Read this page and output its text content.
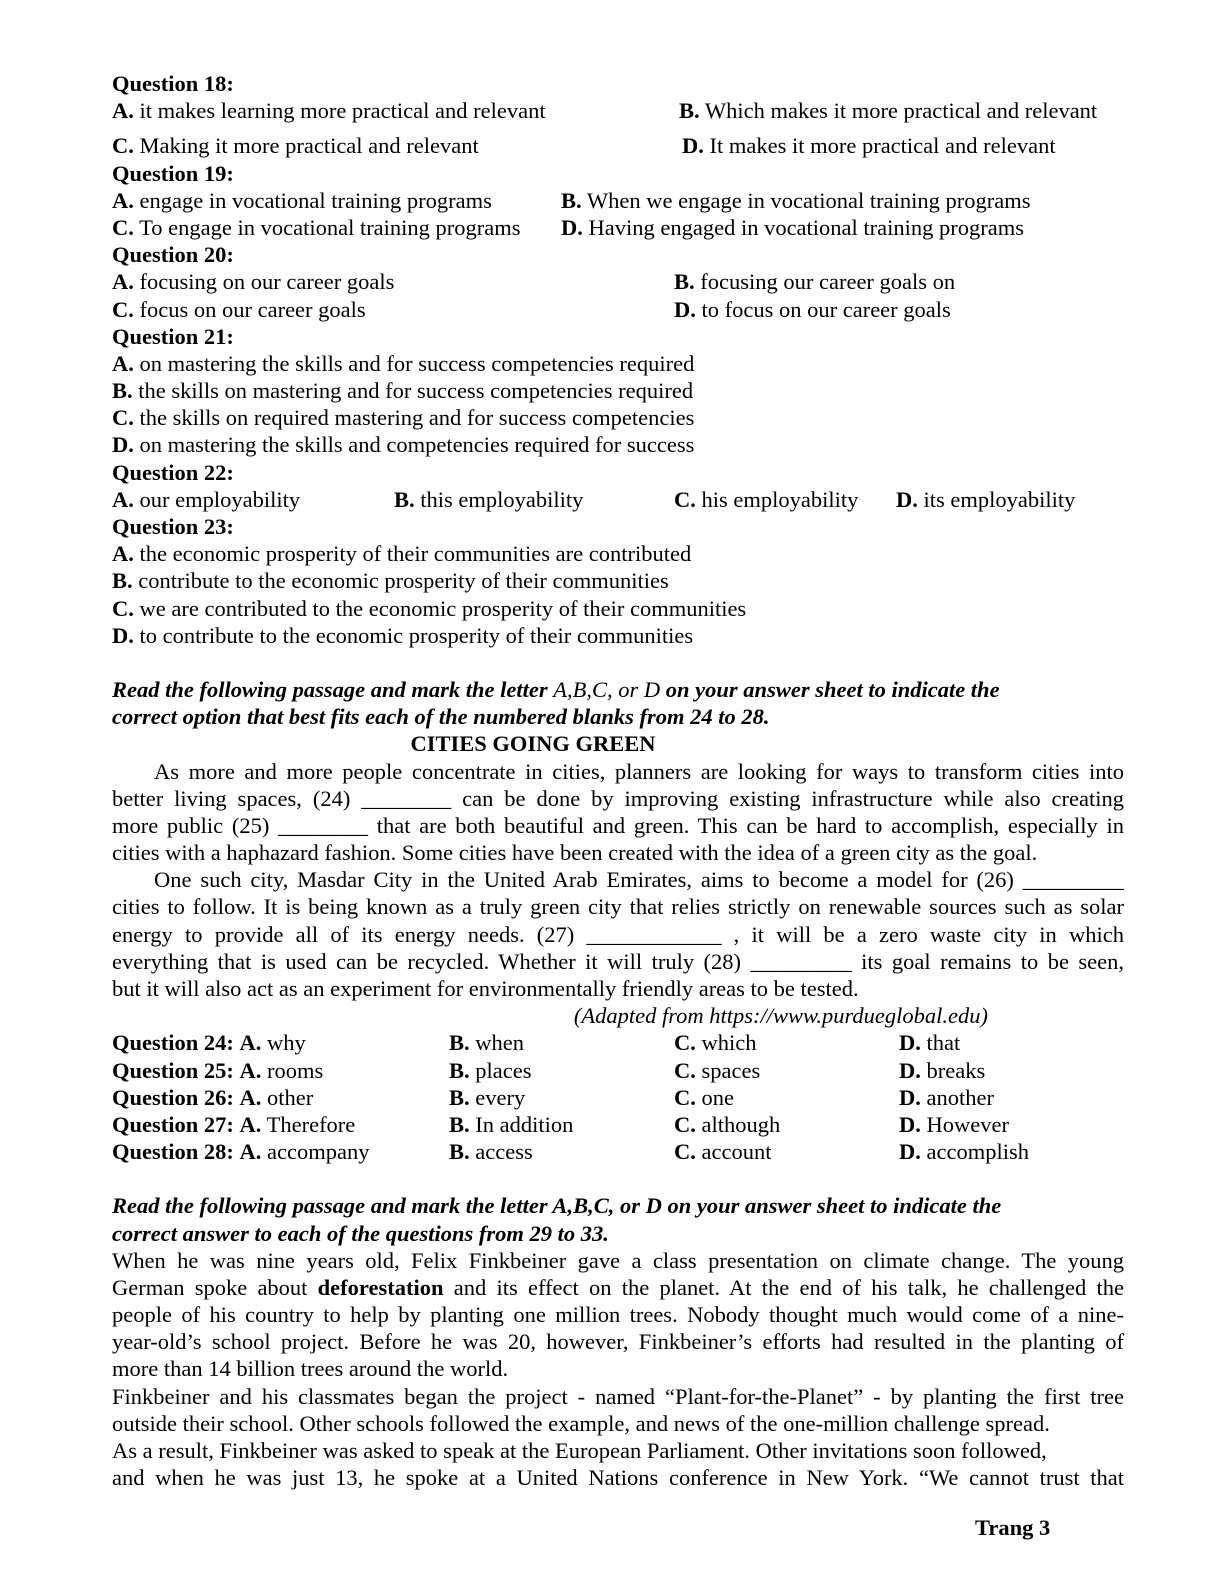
Question 18:
A. it makes learning more practical and relevant	B. Which makes it more practical and relevant
C. Making it more practical and relevant	D. It makes it more practical and relevant
Question 19:
A. engage in vocational training programs	B. When we engage in vocational training programs
C. To engage in vocational training programs D. Having engaged in vocational training programs
Question 20:
A. focusing on our career goals	B. focusing our career goals on
C. focus on our career goals	D. to focus on our career goals
Question 21:
A. on mastering the skills and for success competencies required
B. the skills on mastering and for success competencies required
C. the skills on required mastering and for success competencies
D. on mastering the skills and competencies required for success
Question 22:
A. our employability	B. this employability	C. his employability D. its employability
Question 23:
A. the economic prosperity of their communities are contributed
B. contribute to the economic prosperity of their communities
C. we are contributed to the economic prosperity of their communities
D. to contribute to the economic prosperity of their communities
Read the following passage and mark the letter A,B,C, or D on your answer sheet to indicate the
correct option that best fits each of the numbered blanks from 24 to 28.
CITIES GOING GREEN
As more and more people concentrate in cities, planners are looking for ways to transform cities into
better living spaces, (24) ________ can be done by improving existing infrastructure while also creating
more public (25) ________ that are both beautiful and green. This can be hard to accomplish, especially in
cities with a haphazard fashion. Some cities have been created with the idea of a green city as the goal.
One such city, Masdar City in the United Arab Emirates, aims to become a model for (26) _________
cities to follow. It is being known as a truly green city that relies strictly on renewable sources such as solar
energy to provide all of its energy needs. (27) ____________ , it will be a zero waste city in which
everything that is used can be recycled. Whether it will truly (28) _________ its goal remains to be seen,
but it will also act as an experiment for environmentally friendly areas to be tested.
(Adapted from https://www.purdueglobal.edu)
Question 24: A. why	B. when	C. which	D. that
Question 25: A. rooms	B. places	C. spaces	D. breaks
Question 26: A. other	B. every	C. one	D. another
Question 27: A. Therefore	B. In addition	C. although	D. However
Question 28: A. accompany	B. access	C. account	D. accomplish
Read the following passage and mark the letter A,B,C, or D on your answer sheet to indicate the
correct answer to each of the questions from 29 to 33.
When he was nine years old, Felix Finkbeiner gave a class presentation on climate change. The young
German spoke about deforestation and its effect on the planet. At the end of his talk, he challenged the
people of his country to help by planting one million trees. Nobody thought much would come of a nine-
year-old’s school project. Before he was 20, however, Finkbeiner’s efforts had resulted in the planting of
more than 14 billion trees around the world.
Finkbeiner and his classmates began the project - named “Plant-for-the-Planet” - by planting the first tree
outside their school. Other schools followed the example, and news of the one-million challenge spread.
As a result, Finkbeiner was asked to speak at the European Parliament. Other invitations soon followed,
and when he was just 13, he spoke at a United Nations conference in New York. “We cannot trust that
Trang 3
